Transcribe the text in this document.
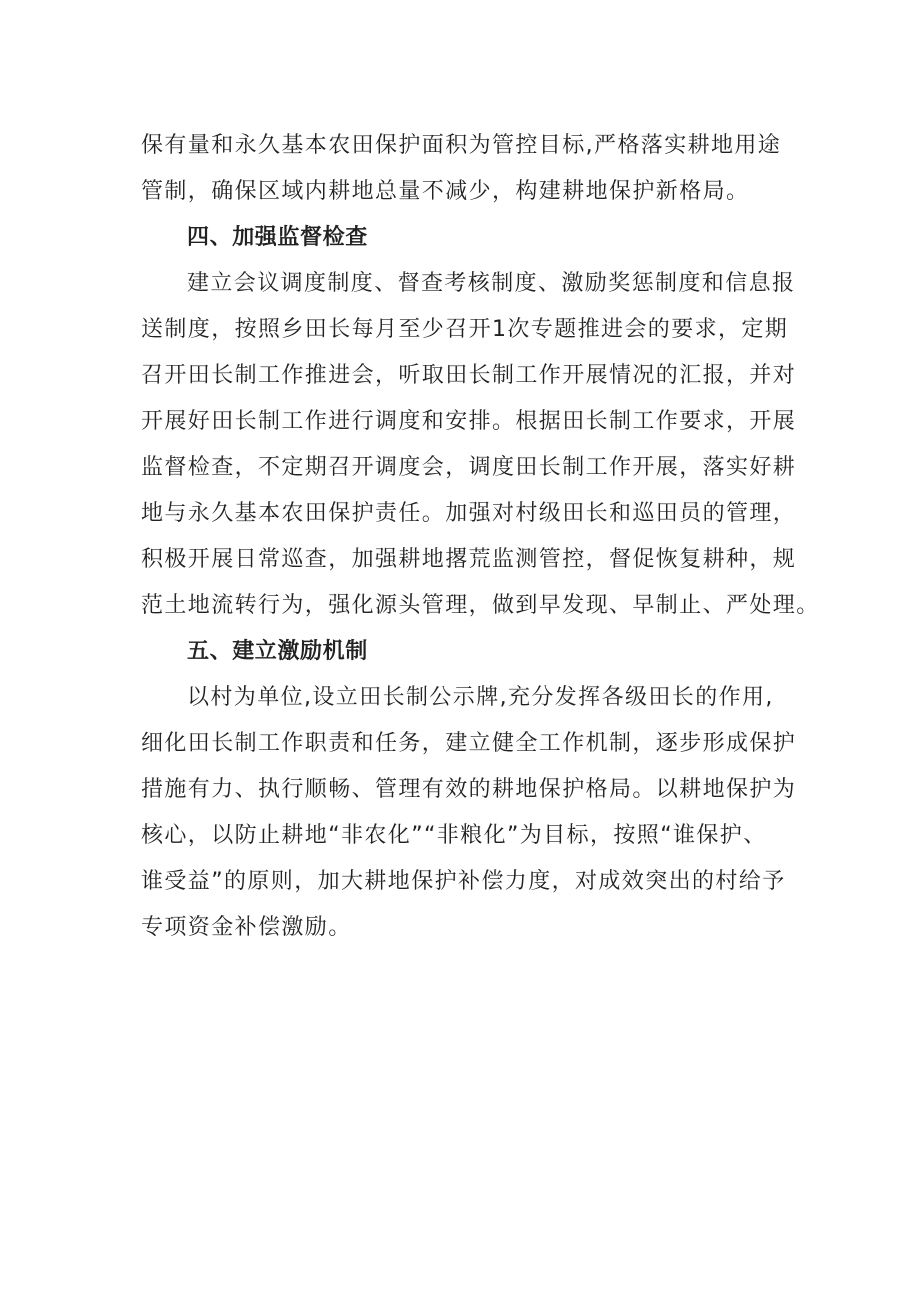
保有量和永久基本农田保护面积为管控目标,严格落实耕地用途
管制，确保区域内耕地总量不减少，构建耕地保护新格局。
四、加强监督检查
建立会议调度制度、督查考核制度、激励奖惩制度和信息报
送制度，按照乡田长每月至少召开1次专题推进会的要求，定期
召开田长制工作推进会，听取田长制工作开展情况的汇报，并对
开展好田长制工作进行调度和安排。根据田长制工作要求，开展
监督检查，不定期召开调度会，调度田长制工作开展，落实好耕
地与永久基本农田保护责任。加强对村级田长和巡田员的管理，
积极开展日常巡查，加强耕地撂荒监测管控，督促恢复耕种，规
范土地流转行为，强化源头管理，做到早发现、早制止、严处理。
五、建立激励机制
以村为单位,设立田长制公示牌,充分发挥各级田长的作用,
细化田长制工作职责和任务，建立健全工作机制，逐步形成保护
措施有力、执行顺畅、管理有效的耕地保护格局。以耕地保护为
核心，以防止耕地“非农化”“非粮化”为目标，按照“谁保护、
谁受益”的原则，加大耕地保护补偿力度，对成效突出的村给予
专项资金补偿激励。
